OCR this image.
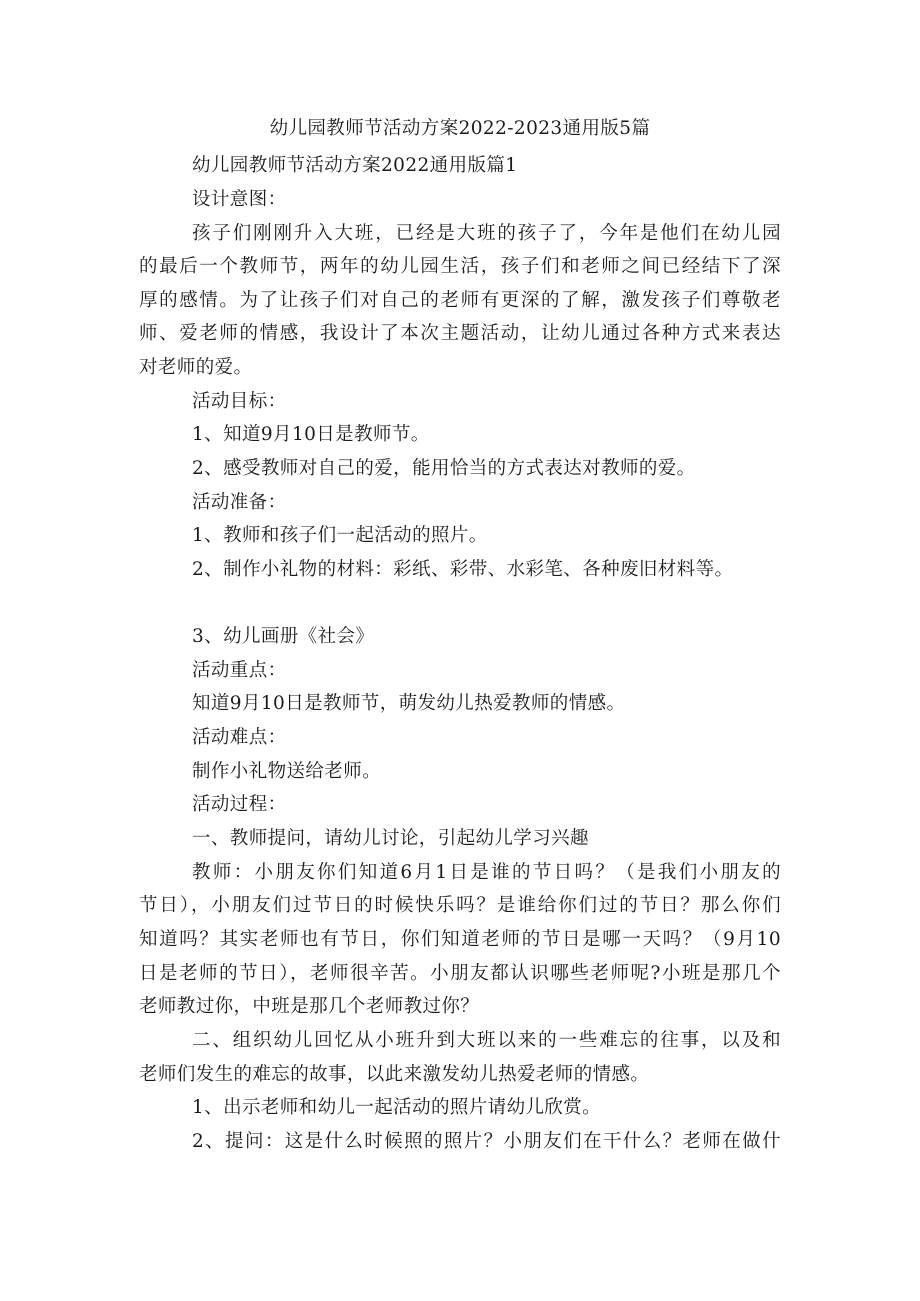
幼儿园教师节活动方案2022-2023通用版5篇
幼儿园教师节活动方案2022通用版篇1
设计意图：
孩子们刚刚升入大班，已经是大班的孩子了，今年是他们在幼儿园
的最后一个教师节，两年的幼儿园生活，孩子们和老师之间已经结下了深
厚的感情。为了让孩子们对自己的老师有更深的了解，激发孩子们尊敬老
师、爱老师的情感，我设计了本次主题活动，让幼儿通过各种方式来表达
对老师的爱。
活动目标：
1、知道9月10日是教师节。
2、感受教师对自己的爱，能用恰当的方式表达对教师的爱。
活动准备：
1、教师和孩子们一起活动的照片。
2、制作小礼物的材料：彩纸、彩带、水彩笔、各种废旧材料等。
3、幼儿画册《社会》
活动重点：
知道9月10日是教师节，萌发幼儿热爱教师的情感。
活动难点：
制作小礼物送给老师。
活动过程：
一、教师提问，请幼儿讨论，引起幼儿学习兴趣
教师：小朋友你们知道6月1日是谁的节日吗？（是我们小朋友的
节日），小朋友们过节日的时候快乐吗？是谁给你们过的节日？那么你们
知道吗？其实老师也有节日，你们知道老师的节日是哪一天吗？（9月10
日是老师的节日），老师很辛苦。小朋友都认识哪些老师呢?小班是那几个
老师教过你，中班是那几个老师教过你？
二、组织幼儿回忆从小班升到大班以来的一些难忘的往事，以及和
老师们发生的难忘的故事，以此来激发幼儿热爱老师的情感。
1、出示老师和幼儿一起活动的照片请幼儿欣赏。
2、提问：这是什么时候照的照片？小朋友们在干什么？老师在做什
